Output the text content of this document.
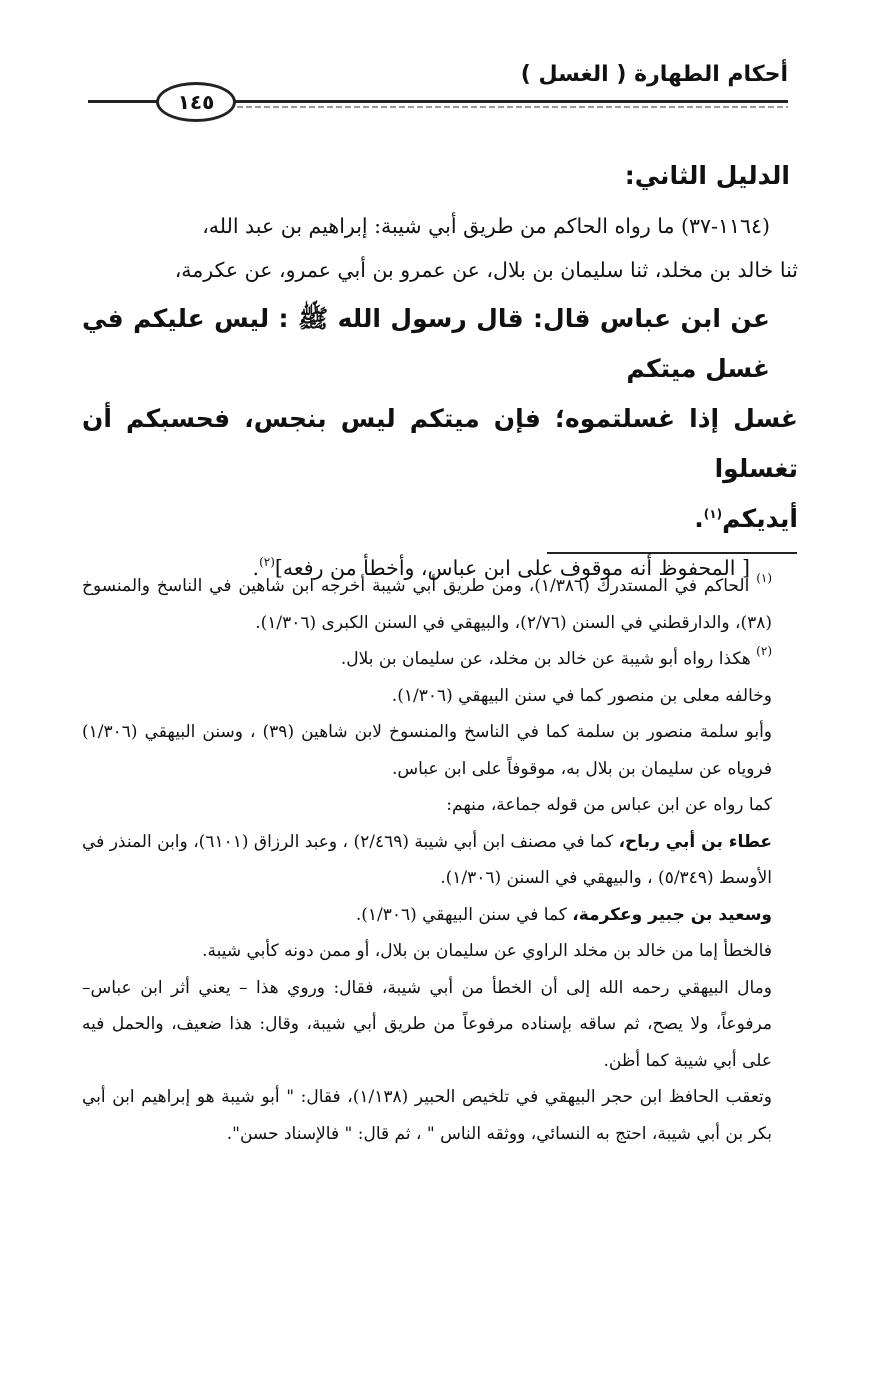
أحكام الطهارة ( الغسل )
١٤٥
الدليل الثاني:

(١١٦٤-٣٧) ما رواه الحاكم من طريق أبي شيبة: إبراهيم بن عبد الله،
ثنا خالد بن مخلد، ثنا سليمان بن بلال، عن عمرو بن أبي عمرو، عن عكرمة،

عن ابن عباس قال: قال رسول الله ﷺ : ليس عليكم في غسل ميتكم
غسل إذا غسلتموه؛ فإن ميتكم ليس بنجس، فحسبكم أن تغسلوا
أيديكم$^{(١)}$.

[ المحفوظ أنه موقوف على ابن عباس، وأخطأ من رفعه]$^{(٢)}$.	$^{(١)}$ الحاكم في المستدرك (١/٣٨٦)، ومن طريق أبي شيبة أخرجه ابن شاهين في الناسخ والمنسوخ (٣٨)، والدارقطني في السنن (٢/٧٦)، والبيهقي في السنن الكبرى (١/٣٠٦).

$^{(٢)}$ هكذا رواه أبو شيبة عن خالد بن مخلد، عن سليمان بن بلال.

وخالفه معلى بن منصور كما في سنن البيهقي (١/٣٠٦).

وأبو سلمة منصور بن سلمة كما في الناسخ والمنسوخ لابن شاهين (٣٩) ، وسنن البيهقي (١/٣٠٦) فروياه عن سليمان بن بلال به، موقوفاً على ابن عباس.

كما رواه عن ابن عباس من قوله جماعة، منهم:

عطاء بن أبي رباح، كما في مصنف ابن أبي شيبة (٢/٤٦٩) ، وعبد الرزاق (٦١٠١)، وابن المنذر في الأوسط (٥/٣٤٩) ، والبيهقي في السنن (١/٣٠٦).

وسعيد بن جبير وعكرمة، كما في سنن البيهقي (١/٣٠٦).

فالخطأ إما من خالد بن مخلد الراوي عن سليمان بن بلال، أو ممن دونه كأبي شيبة.

ومال البيهقي رحمه الله إلى أن الخطأ من أبي شيبة، فقال: وروي هذا – يعني أثر ابن عباس– مرفوعاً، ولا يصح، ثم ساقه بإسناده مرفوعاً من طريق أبي شيبة، وقال: هذا ضعيف، والحمل فيه على أبي شيبة كما أظن.

وتعقب الحافظ ابن حجر البيهقي في تلخيص الحبير (١/١٣٨)، فقال: " أبو شيبة هو إبراهيم ابن أبي بكر بن أبي شيبة، احتج به النسائي، ووثقه الناس " ، ثم قال: " فالإسناد حسن".
